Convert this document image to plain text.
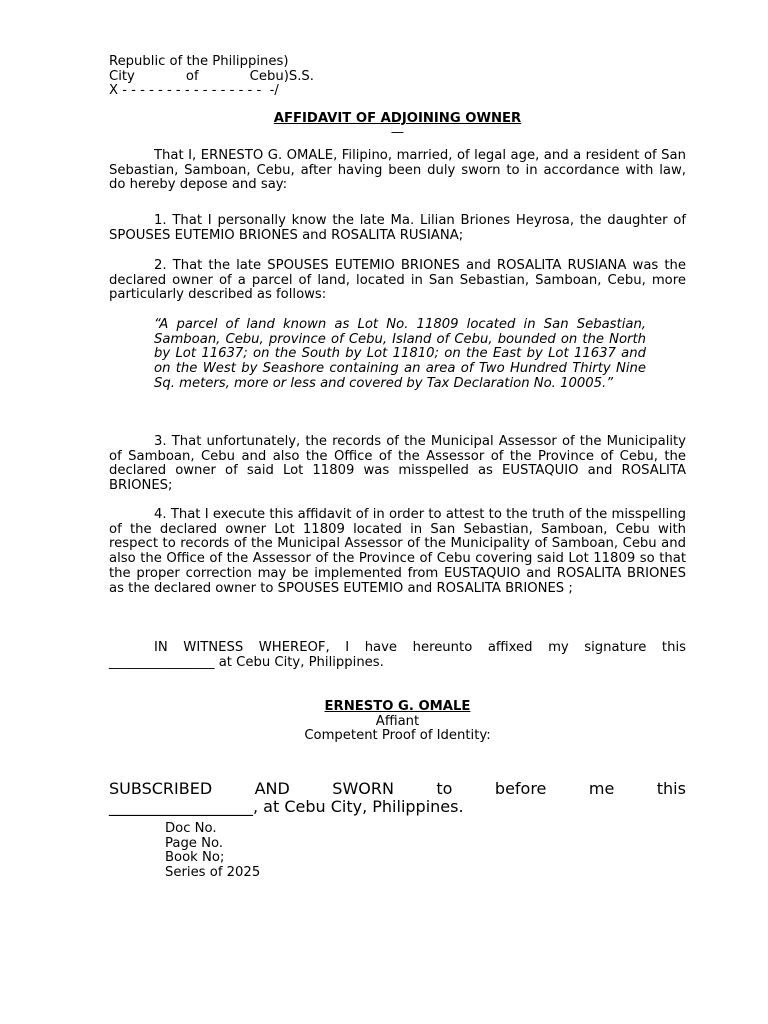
Republic of the Philippines)
City	of	Cebu)S.S.
X - - - - - - - - - - - - - - - -  -/
AFFIDAVIT OF ADJOINING OWNER
—

That I, ERNESTO G. OMALE, Filipino, married, of legal age, and a resident of San Sebastian, Samboan, Cebu, after having been duly sworn to in accordance with law, do hereby depose and say:

1. That I personally know the late Ma. Lilian Briones Heyrosa, the daughter of SPOUSES EUTEMIO BRIONES and ROSALITA RUSIANA;

2. That the late SPOUSES EUTEMIO BRIONES and ROSALITA RUSIANA was the declared owner of a parcel of land, located in San Sebastian, Samboan, Cebu, more particularly described as follows:

“A parcel of land known as Lot No. 11809 located in San Sebastian, Samboan, Cebu, province of Cebu, Island of Cebu, bounded on the North by Lot 11637; on the South by Lot 11810; on the East by Lot 11637 and on the West by Seashore containing an area of Two Hundred Thirty Nine Sq. meters, more or less and covered by Tax Declaration No. 10005.”

3. That unfortunately, the records of the Municipal Assessor of the Municipality of Samboan, Cebu and also the Office of the Assessor of the Province of Cebu, the declared owner of said Lot 11809 was misspelled as EUSTAQUIO and ROSALITA BRIONES;

4. That I execute this affidavit of in order to attest to the truth of the misspelling of the declared owner Lot 11809 located in San Sebastian, Samboan, Cebu with respect to records of the Municipal Assessor of the Municipality of Samboan, Cebu and also the Office of the Assessor of the Province of Cebu covering said Lot 11809 so that the proper correction may be implemented from EUSTAQUIO and ROSALITA BRIONES as the declared owner to SPOUSES EUTEMIO and ROSALITA BRIONES ;

IN WITNESS WHEREOF, I have hereunto affixed my signature this ________________ at Cebu City, Philippines.

ERNESTO G. OMALE
Affiant
Competent Proof of Identity:
SUBSCRIBED	AND	SWORN	to	before	me	this
__________________, at Cebu City, Philippines.
Doc No.
Page No.
Book No;
Series of 2025
